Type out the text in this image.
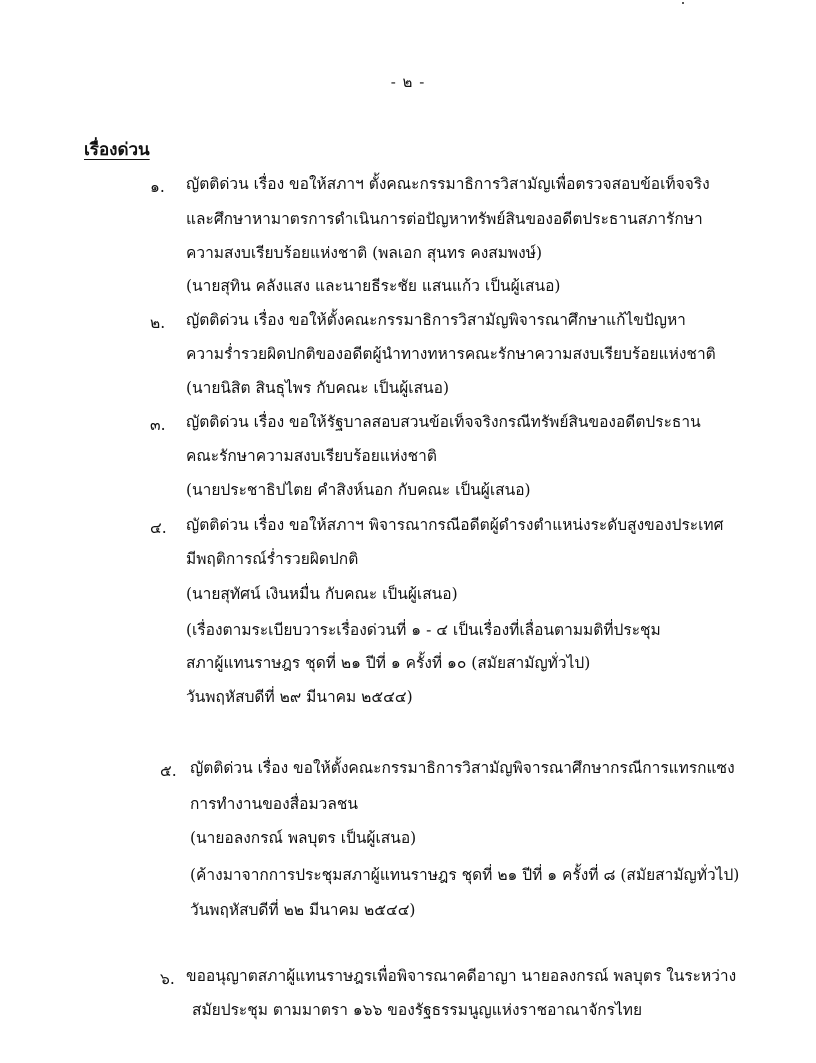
- ๒ -
เรื่องด่วน
๑. ญัตติด่วน เรื่อง ขอให้สภาฯ ตั้งคณะกรรมาธิการวิสามัญเพื่อตรวจสอบข้อเท็จจริง
และศึกษาหามาตรการดำเนินการต่อปัญหาทรัพย์สินของอดีตประธานสภารักษา
ความสงบเรียบร้อยแห่งชาติ (พลเอก สุนทร คงสมพงษ์)
(นายสุทิน คลังแสง และนายธีระชัย แสนแก้ว เป็นผู้เสนอ)
๒. ญัตติด่วน เรื่อง ขอให้ตั้งคณะกรรมาธิการวิสามัญพิจารณาศึกษาแก้ไขปัญหา
ความร่ำรวยผิดปกติของอดีตผู้นำทางทหารคณะรักษาความสงบเรียบร้อยแห่งชาติ
(นายนิสิต สินธุไพร กับคณะ เป็นผู้เสนอ)
๓. ญัตติด่วน เรื่อง ขอให้รัฐบาลสอบสวนข้อเท็จจริงกรณีทรัพย์สินของอดีตประธาน
คณะรักษาความสงบเรียบร้อยแห่งชาติ
(นายประชาธิปไตย คำสิงห์นอก กับคณะ เป็นผู้เสนอ)
๔. ญัตติด่วน เรื่อง ขอให้สภาฯ พิจารณากรณีอดีตผู้ดำรงตำแหน่งระดับสูงของประเทศ
มีพฤติการณ์ร่ำรวยผิดปกติ
(นายสุทัศน์ เงินหมื่น กับคณะ เป็นผู้เสนอ)
(เรื่องตามระเบียบวาระเรื่องด่วนที่ ๑ - ๔ เป็นเรื่องที่เลื่อนตามมติที่ประชุม
สภาผู้แทนราษฎร ชุดที่ ๒๑ ปีที่ ๑ ครั้งที่ ๑๐ (สมัยสามัญทั่วไป)
วันพฤหัสบดีที่ ๒๙ มีนาคม ๒๕๔๔)
๕. ญัตติด่วน เรื่อง ขอให้ตั้งคณะกรรมาธิการวิสามัญพิจารณาศึกษากรณีการแทรกแซง
การทำงานของสื่อมวลชน
(นายอลงกรณ์ พลบุตร เป็นผู้เสนอ)
(ค้างมาจากการประชุมสภาผู้แทนราษฎร ชุดที่ ๒๑ ปีที่ ๑ ครั้งที่ ๘ (สมัยสามัญทั่วไป)
วันพฤหัสบดีที่ ๒๒ มีนาคม ๒๕๔๔)
๖. ขออนุญาตสภาผู้แทนราษฎรเพื่อพิจารณาคดีอาญา นายอลงกรณ์ พลบุตร ในระหว่าง
สมัยประชุม ตามมาตรา ๑๖๖ ของรัฐธรรมนูญแห่งราชอาณาจักรไทย
